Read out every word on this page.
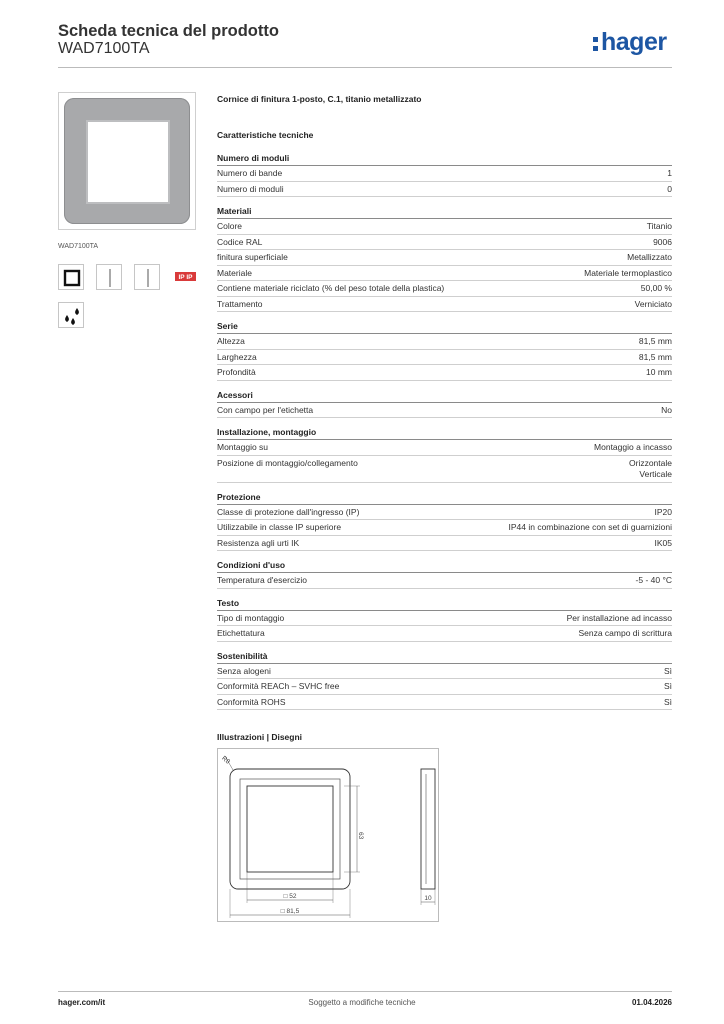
Scheda tecnica del prodotto
WAD7100TA	hager
WAD7100TA
IP IP
Cornice di finitura 1-posto, C.1, titanio metallizzato
Caratteristiche tecniche
Numero di moduli
Numero di bande	1
Numero di moduli	0
Materiali
Colore	Titanio
Codice RAL	9006
finitura superficiale	Metallizzato
Materiale	Materiale termoplastico
Contiene materiale riciclato (% del peso totale della plastica)	50,00 %
Trattamento	Verniciato
Serie
Altezza	81,5 mm
Larghezza	81,5 mm
Profondità	10 mm
Acessori
Con campo per l'etichetta	No
Installazione, montaggio
Montaggio su	Montaggio a incasso
Posizione di montaggio/collegamento	Orizzontale
Verticale
Protezione
Classe di protezione dall'ingresso (IP)	IP20
Utilizzabile in classe IP superiore	IP44 in combinazione con set di guarnizioni
Resistenza agli urti IK	IK05
Condizioni d'uso
Temperatura d'esercizio	-5 - 40 °C
Testo
Tipo di montaggio	Per installazione ad incasso
Etichettatura	Senza campo di scrittura
Sostenibilità
Senza alogeni	Sì
Conformità REACh – SVHC free	Sì
Conformità ROHS	Sì
Illustrazioni | Disegni
R8
63
□ 52
□ 81,5
10
hager.com/it	Soggetto a modifiche tecniche	01.04.2026
